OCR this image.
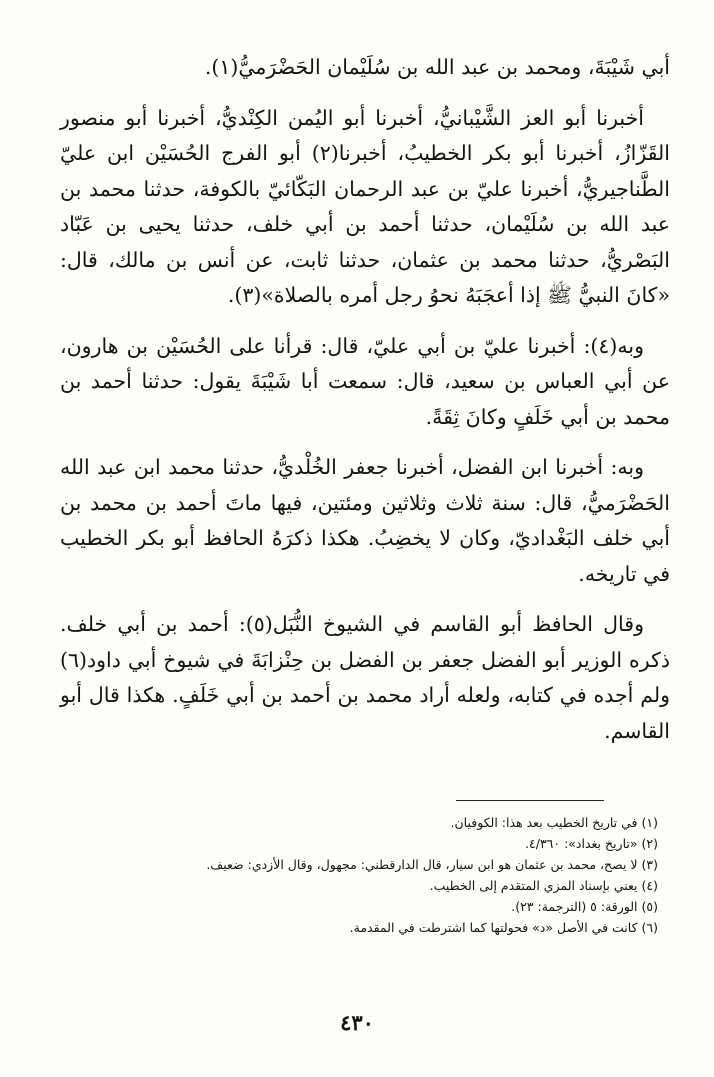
أبي شَيْبَةَ، ومحمد بن عبد الله بن سُلَيْمان الحَضْرَميُّ(١).

أخبرنا أبو العز الشَّيْبانيُّ، أخبرنا أبو اليُمن الكِنْديُّ، أخبرنا أبو منصور القَزّازُ، أخبرنا أبو بكر الخطيبُ، أخبرنا(٢) أبو الفرج الحُسَيْن ابن عليّ الطَّناجيريُّ، أخبرنا عليّ بن عبد الرحمان البَكّائيّ بالكوفة، حدثنا محمد بن عبد الله بن سُلَيْمان، حدثنا أحمد بن أبي خلف، حدثنا يحيى بن عَبّاد البَصْريُّ، حدثنا محمد بن عثمان، حدثنا ثابت، عن أنس بن مالك، قال: «كانَ النبيُّ ﷺ إذا أعجَبَهُ نحوُ رجل أمره بالصلاة»(٣).

وبه(٤): أخبرنا عليّ بن أبي عليّ، قال: قرأنا على الحُسَيْن بن هارون، عن أبي العباس بن سعيد، قال: سمعت أبا شَيْبَةَ يقول: حدثنا أحمد بن محمد بن أبي خَلَفٍ وكانَ ثِقَةً.

وبه: أخبرنا ابن الفضل، أخبرنا جعفر الخُلْديُّ، حدثنا محمد ابن عبد الله الحَضْرَميُّ، قال: سنة ثلاث وثلاثين ومئتين، فيها ماتَ أحمد بن محمد بن أبي خلف البَغْداديّ، وكان لا يخضِبُ. هكذا ذكرَهُ الحافظ أبو بكر الخطيب في تاريخه.

وقال الحافظ أبو القاسم في الشيوخ النُّبَل(٥): أحمد بن أبي خلف. ذكره الوزير أبو الفضل جعفر بن الفضل بن حِنْزابَةَ في شيوخ أبي داود(٦) ولم أجده في كتابه، ولعله أراد محمد بن أحمد بن أبي خَلَفٍ. هكذا قال أبو القاسم.

(١) في تاريخ الخطيب بعد هذا: الكوفيان.

(٢) «تاريخ بغداد»: ٤/٣٦٠.

(٣) لا يصح، محمد بن عثمان هو ابن سيار، قال الدارقطني: مجهول، وقال الأزدي: ضعيف.

(٤) يعني بإسناد المزي المتقدم إلى الخطيب.

(٥) الورقة: ٥ (الترجمة: ٢٣).

(٦) كانت في الأصل «د» فحولتها كما اشترطت في المقدمة.

٤٣٠
